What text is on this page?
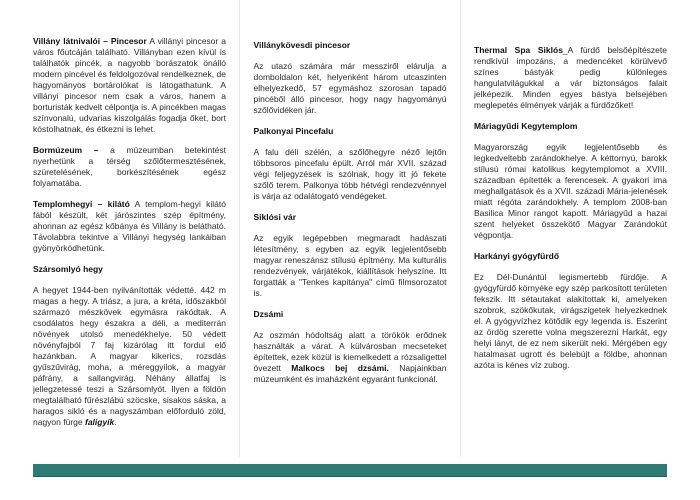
Villány látnivalói – Pincesor A villányi pincesor a város főutcáján található. Villányban ezen kívül is találhatók pincék, a nagyobb borászatok önálló modern pincével és feldolgozóval rendelkeznek, de hagyományos bortárolókat is látogathatunk. A villányi pincesor nem csak a város, hanem a borturisták kedvelt célpontja is. A pincékben magas színvonalú, udvarias kiszolgálás fogadja őket, bort kóstolhatnak, és étkezni is lehet.

Bormúzeum – a múzeumban betekintést nyerhetünk a térség szőlőtermesztésének, szüretelésének, borkészítésének egész folyamatába.

Templomhegyi – kilátó A templom-hegyi kilátó fából készült, két járószintes szép építmény, ahonnan az egész kőbánya és Villány is belátható. Távolabbra tekintve a Villányi hegység lankáiban gyönyörködhetünk.

Szársomlyó hegy

A hegyet 1944-ben nyilvánították védetté. 442 m magas a hegy. A triász, a jura, a kréta, időszakból származó mészkövek egymásra rakódtak. A csodálatos hegy északra a déli, a mediterrán növények utolsó menedékhelye. 50 védett növényfajból 7 faj kizárólag itt fordul elő hazánkban. A magyar kikerics, rozsdás gyűszűvirág, moha, a méreggyilok, a magyar páfrány, a sallangvirág. Néhány állatfaj is jellegzetessé teszi a Szársomlyót. Ilyen a földön megtalálható fűrészlábú szöcske, sisakos sáska, a haragos sikló és a nagyszámban előforduló zöld, nagyon fürge faligyík.

Villánykövesdi pincesor

Az utazó számára már messziről elárulja a domboldalon két, helyenként három utcaszinten elhelyezkedő, 57 egymáshoz szorosan tapadó pincéből álló pincesor, hogy nagy hagyományú szőlővidéken jár.

Palkonyai Pincefalu

A falu déli szélén, a szőlőhegyre néző lejtőn többsoros pincefalu épült. Arról már XVII. század végi feljegyzések is szólnak, hogy itt jó fekete szőlő terem. Palkonya több hétvégi rendezvénnyel is várja az odalátogató vendégeket.

Siklósi vár

Az egyik legépebben megmaradt hadászati létesítmény, s egyben az egyik legjelentősebb magyar reneszánsz stílusú építmény. Ma kulturális rendezvények, várjátékok, kiállítások helyszíne. Itt forgatták a "Tenkes kapitánya" című filmsorozatot is.

Dzsámi

Az oszmán hódoltság alatt a törökök erődnek használták a várat. A külvárosban mecseteket építettek, ezek közül is kiemelkedett a rózsaligettel övezett Malkocs bej dzsámi. Napjainkban múzeumként és imaházként egyaránt funkcionál.

Thermal Spa Siklós_A fürdő belsőépítészete rendkívül impozáns, a medencéket körülvevő színes bástyák pedig különleges hangulatvilágukkal a vár biztonságos falait jelképezik. Minden egyes bástya belsejében meglepetés élmények várják a fürdőzőket!

Máriagyűdi Kegytemplom

Magyarország egyik legjelentősebb és legkedveltebb zarándokhelye. A kéttornyú, barokk stílusú római katolikus kegytemplomot a XVIII. században építették a ferencesek. A gyakori ima meghallgatások és a XVII. századi Mária-jelenések miatt régóta zarándokhely. A templom 2008-ban Basilica Minor rangot kapott. Máriagyűd a hazai szent helyeket összekötő Magyar Zarándokút végpontja.

Harkányi gyógyfürdő

Ez Dél-Dunántúl legismertebb fürdője. A gyógyfürdő környéke egy szép parkosított területen fekszik. Itt sétautakat alakítottak ki, amelyeken szobrok, szökőkutak, virágszigetek helyezkednek el. A gyógyvízhez kötődik egy legenda is. Eszerint az ördög szerette volna megszerezni Harkát, egy helyi lányt, de ez nem sikerült neki. Mérgében egy hatalmasat ugrott és belebújt a földbe, ahonnan azóta is kénes víz zubog.
